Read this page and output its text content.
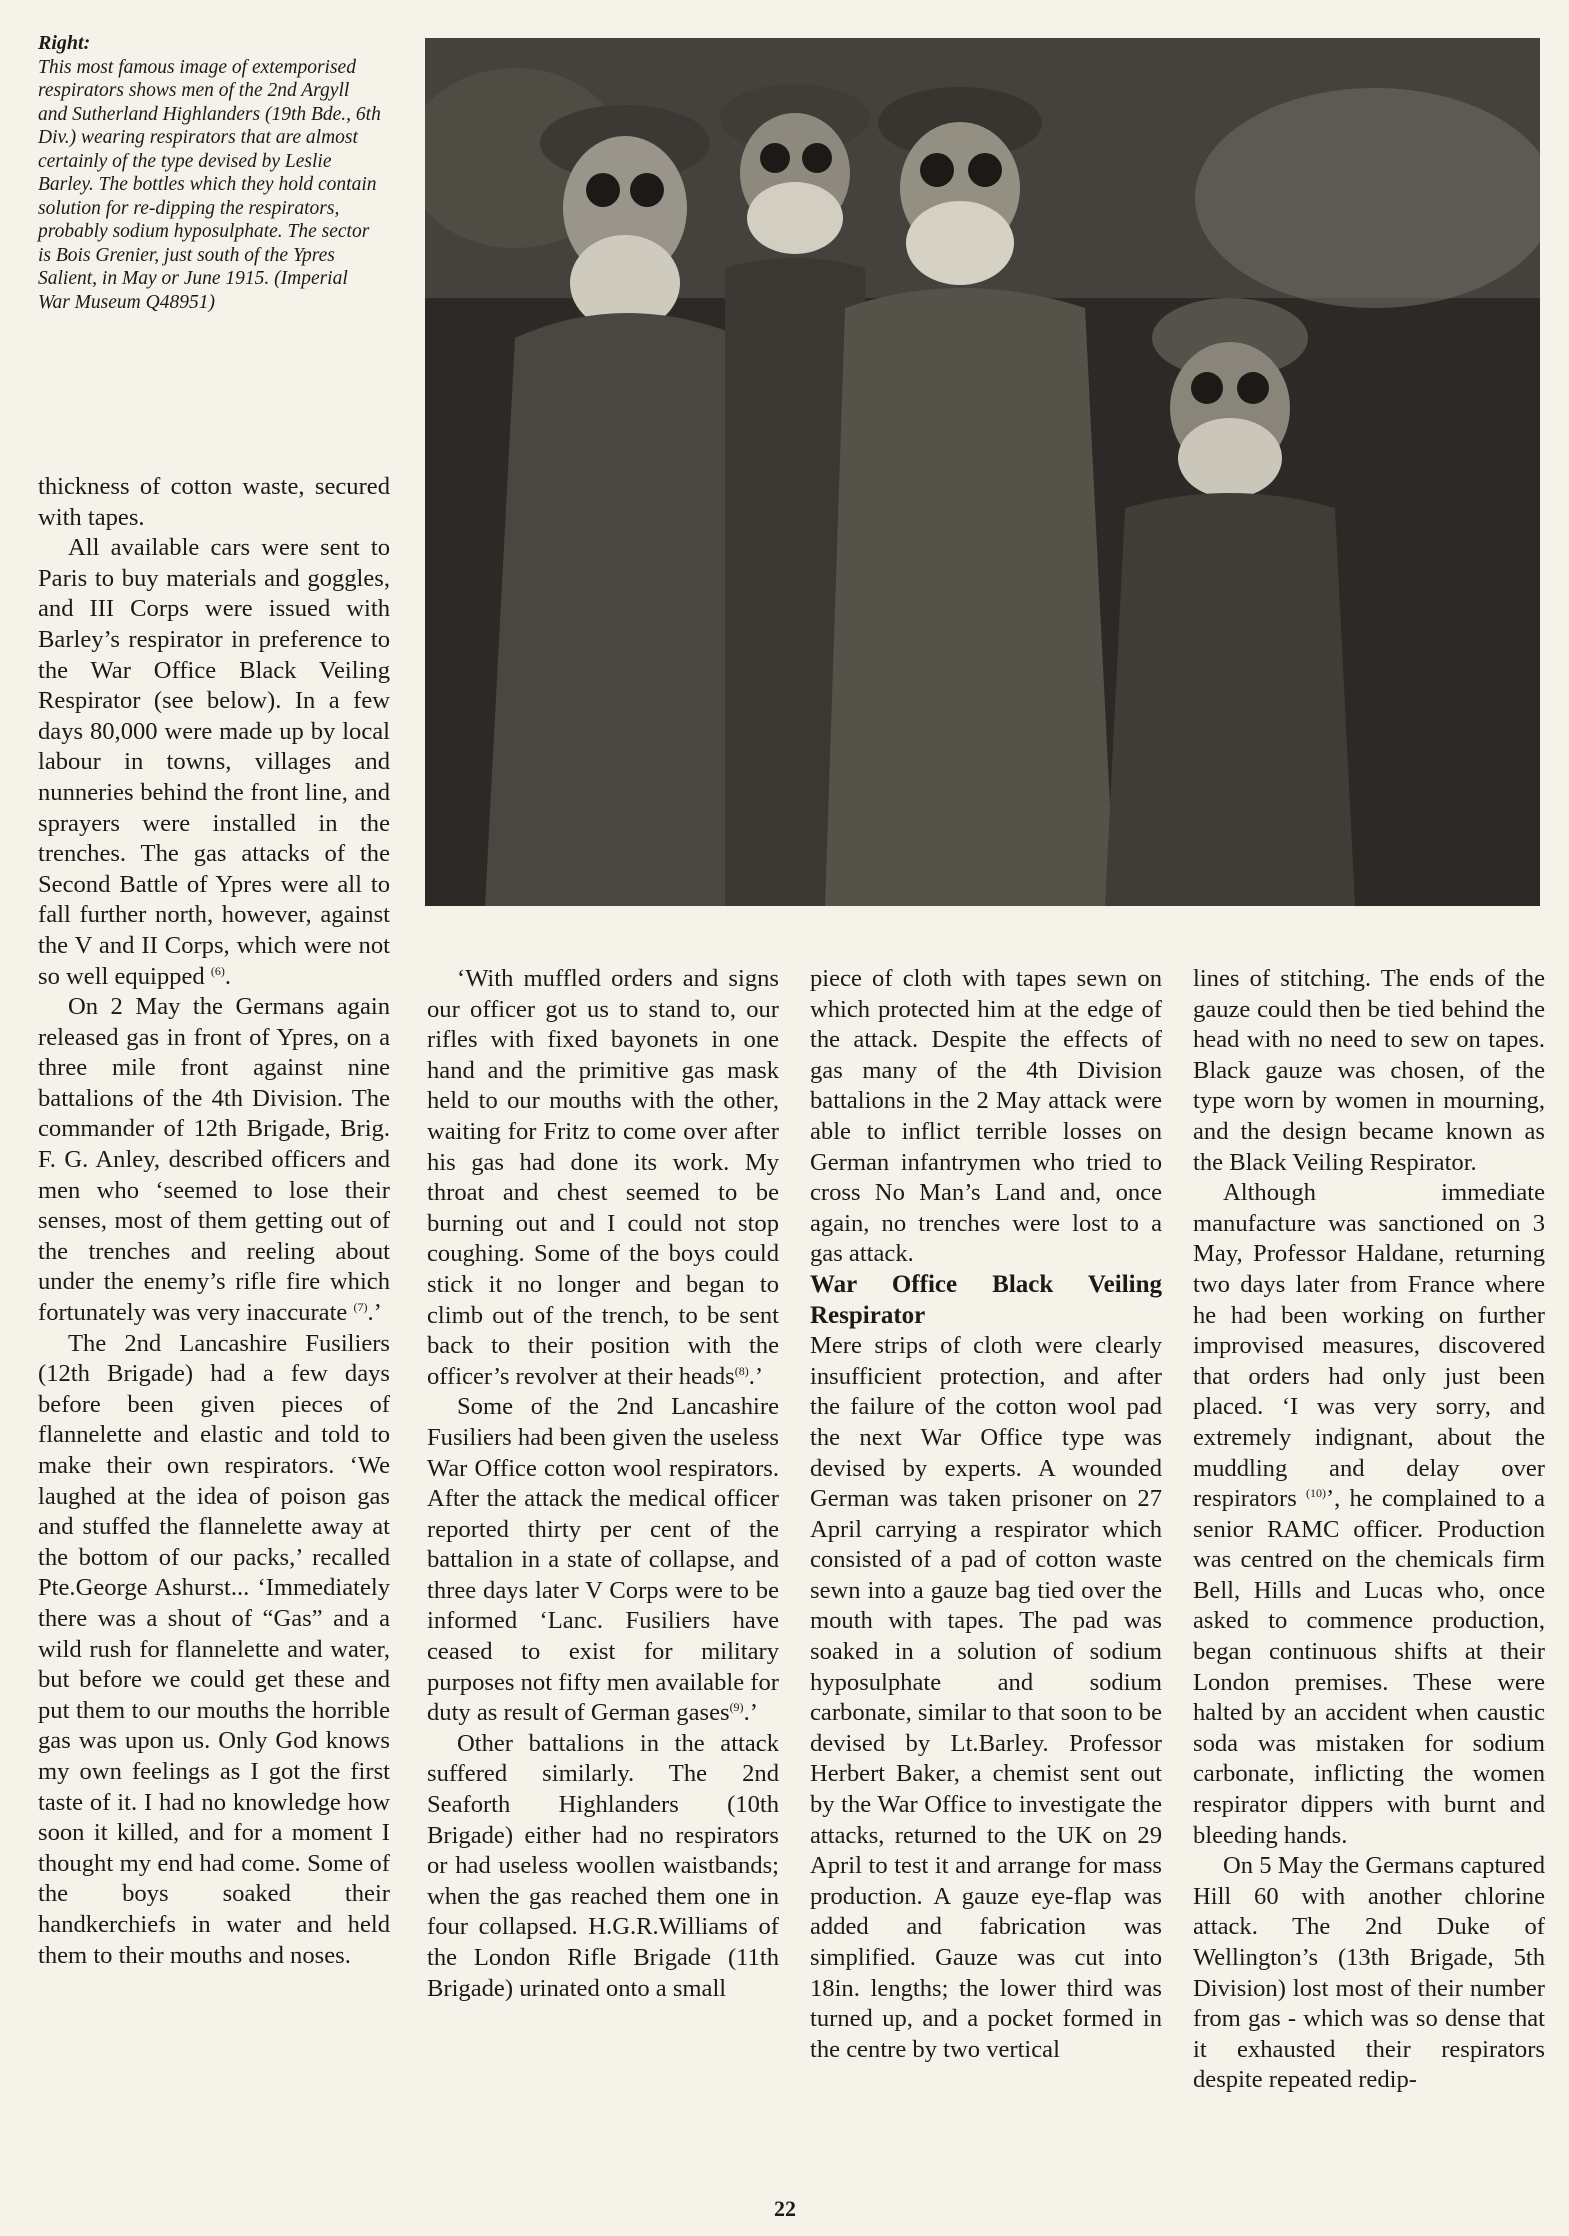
Right:
This most famous image of extemporised respirators shows men of the 2nd Argyll and Sutherland Highlanders (19th Bde., 6th Div.) wearing respirators that are almost certainly of the type devised by Leslie Barley. The bottles which they hold contain solution for re-dipping the respirators, probably sodium hyposulphate. The sector is Bois Grenier, just south of the Ypres Salient, in May or June 1915. (Imperial War Museum Q48951)

thickness of cotton waste, secured with tapes.

All available cars were sent to Paris to buy materials and goggles, and III Corps were issued with Barley’s respirator in preference to the War Office Black Veiling Respirator (see below). In a few days 80,000 were made up by local labour in towns, villages and nunneries behind the front line, and sprayers were installed in the trenches. The gas attacks of the Second Battle of Ypres were all to fall further north, however, against the V and II Corps, which were not so well equipped $^{(6)}$.

On 2 May the Germans again released gas in front of Ypres, on a three mile front against nine battalions of the 4th Division. The commander of 12th Brigade, Brig. F. G. Anley, described officers and men who ‘seemed to lose their senses, most of them getting out of the trenches and reeling about under the enemy’s rifle fire which fortunately was very inaccurate $^{(7)}$.’

The 2nd Lancashire Fusiliers (12th Brigade) had a few days before been given pieces of flannelette and elastic and told to make their own respirators. ‘We laughed at the idea of poison gas and stuffed the flannelette away at the bottom of our packs,’ recalled Pte.George Ashurst... ‘Immediately there was a shout of “Gas” and a wild rush for flannelette and water, but before we could get these and put them to our mouths the horrible gas was upon us. Only God knows my own feelings as I got the first taste of it. I had no knowledge how soon it killed, and for a moment I thought my end had come. Some of the boys soaked their handkerchiefs in water and held them to their mouths and noses.

‘With muffled orders and signs our officer got us to stand to, our rifles with fixed bayonets in one hand and the primitive gas mask held to our mouths with the other, waiting for Fritz to come over after his gas had done its work. My throat and chest seemed to be burning out and I could not stop coughing. Some of the boys could stick it no longer and began to climb out of the trench, to be sent back to their position with the officer’s revolver at their heads$^{(8)}$.’

Some of the 2nd Lancashire Fusiliers had been given the useless War Office cotton wool respirators. After the attack the medical officer reported thirty per cent of the battalion in a state of collapse, and three days later V Corps were to be informed ‘Lanc. Fusiliers have ceased to exist for military purposes not fifty men available for duty as result of German gases$^{(9)}$.’

Other battalions in the attack suffered similarly. The 2nd Seaforth Highlanders (10th Brigade) either had no respirators or had useless woollen waistbands; when the gas reached them one in four collapsed. H.G.R.Williams of the London Rifle Brigade (11th Brigade) urinated onto a small

piece of cloth with tapes sewn on which protected him at the edge of the attack. Despite the effects of gas many of the 4th Division battalions in the 2 May attack were able to inflict terrible losses on German infantrymen who tried to cross No Man’s Land and, once again, no trenches were lost to a gas attack.

War Office Black Veiling Respirator

Mere strips of cloth were clearly insufficient protection, and after the failure of the cotton wool pad the next War Office type was devised by experts. A wounded German was taken prisoner on 27 April carrying a respirator which consisted of a pad of cotton waste sewn into a gauze bag tied over the mouth with tapes. The pad was soaked in a solution of sodium hyposulphate and sodium carbonate, similar to that soon to be devised by Lt.Barley. Professor Herbert Baker, a chemist sent out by the War Office to investigate the attacks, returned to the UK on 29 April to test it and arrange for mass production. A gauze eye-flap was added and fabrication was simplified. Gauze was cut into 18in. lengths; the lower third was turned up, and a pocket formed in the centre by two vertical

lines of stitching. The ends of the gauze could then be tied behind the head with no need to sew on tapes. Black gauze was chosen, of the type worn by women in mourning, and the design became known as the Black Veiling Respirator.

Although immediate manufacture was sanctioned on 3 May, Professor Haldane, returning two days later from France where he had been working on further improvised measures, discovered that orders had only just been placed. ‘I was very sorry, and extremely indignant, about the muddling and delay over respirators $^{(10)}$’, he complained to a senior RAMC officer. Production was centred on the chemicals firm Bell, Hills and Lucas who, once asked to commence production, began continuous shifts at their London premises. These were halted by an accident when caustic soda was mistaken for sodium carbonate, inflicting the women respirator dippers with burnt and bleeding hands.

On 5 May the Germans captured Hill 60 with another chlorine attack. The 2nd Duke of Wellington’s (13th Brigade, 5th Division) lost most of their number from gas - which was so dense that it exhausted their respirators despite repeated redip-

22
